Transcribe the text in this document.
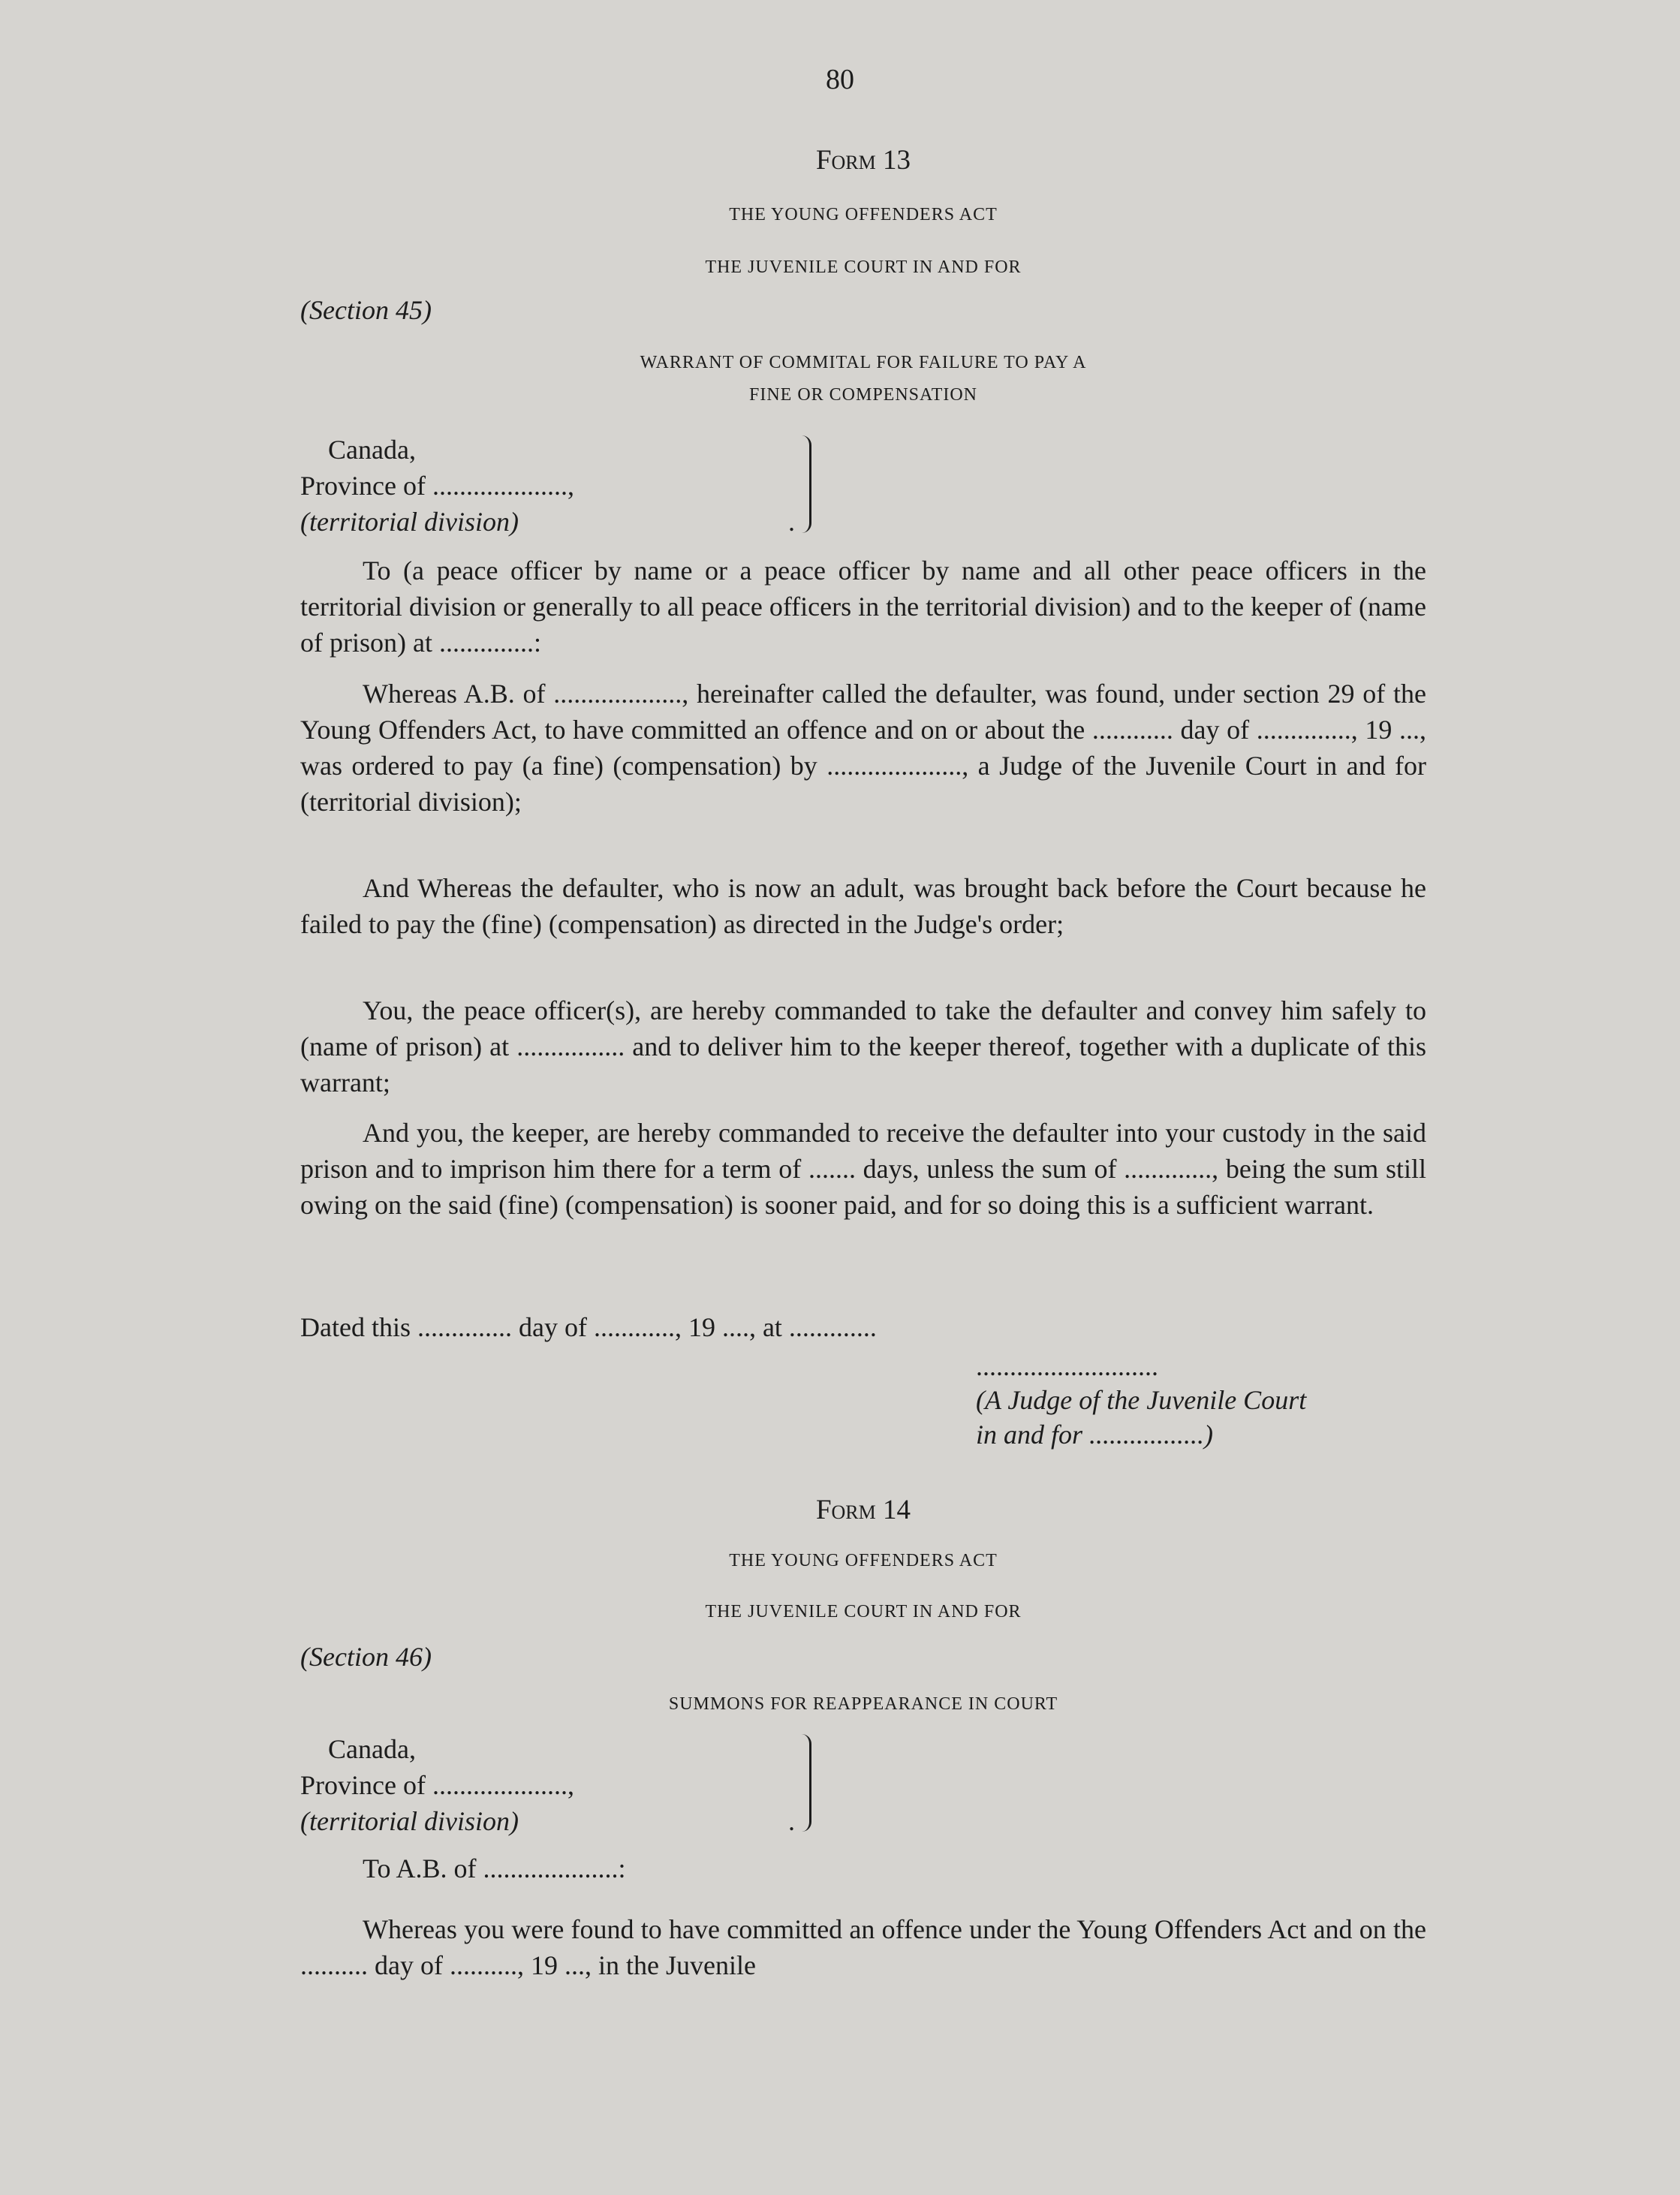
80
Form 13
THE YOUNG OFFENDERS ACT
THE JUVENILE COURT IN AND FOR
(Section 45)
WARRANT OF COMMITAL FOR FAILURE TO PAY A
FINE OR COMPENSATION
Canada,
Province of ....................,
(territorial division)	.

To (a peace officer by name or a peace officer by name and all other peace officers in the territorial division or generally to all peace officers in the territorial division) and to the keeper of (name of prison) at ..............:

Whereas A.B. of ..................., hereinafter called the defaulter, was found, under section 29 of the Young Offenders Act, to have committed an offence and on or about the ............ day of .............., 19 ..., was ordered to pay (a fine) (compensation) by ...................., a Judge of the Juvenile Court in and for (territorial division);

And Whereas the defaulter, who is now an adult, was brought back before the Court because he failed to pay the (fine) (compensation) as directed in the Judge's order;

You, the peace officer(s), are hereby commanded to take the defaulter and convey him safely to (name of prison) at ................ and to deliver him to the keeper thereof, together with a duplicate of this warrant;

And you, the keeper, are hereby commanded to receive the defaulter into your custody in the said prison and to imprison him there for a term of ....... days, unless the sum of ............., being the sum still owing on the said (fine) (compensation) is sooner paid, and for so doing this is a sufficient warrant.

Dated this .............. day of ............, 19 ...., at .............

...........................
(A Judge of the Juvenile Court
in and for .................)
Form 14
THE YOUNG OFFENDERS ACT
THE JUVENILE COURT IN AND FOR
(Section 46)
SUMMONS FOR REAPPEARANCE IN COURT
Canada,
Province of ....................,
(territorial division)	.

To A.B. of ....................:

Whereas you were found to have committed an offence under the Young Offenders Act and on the .......... day of .........., 19 ..., in the Juvenile
